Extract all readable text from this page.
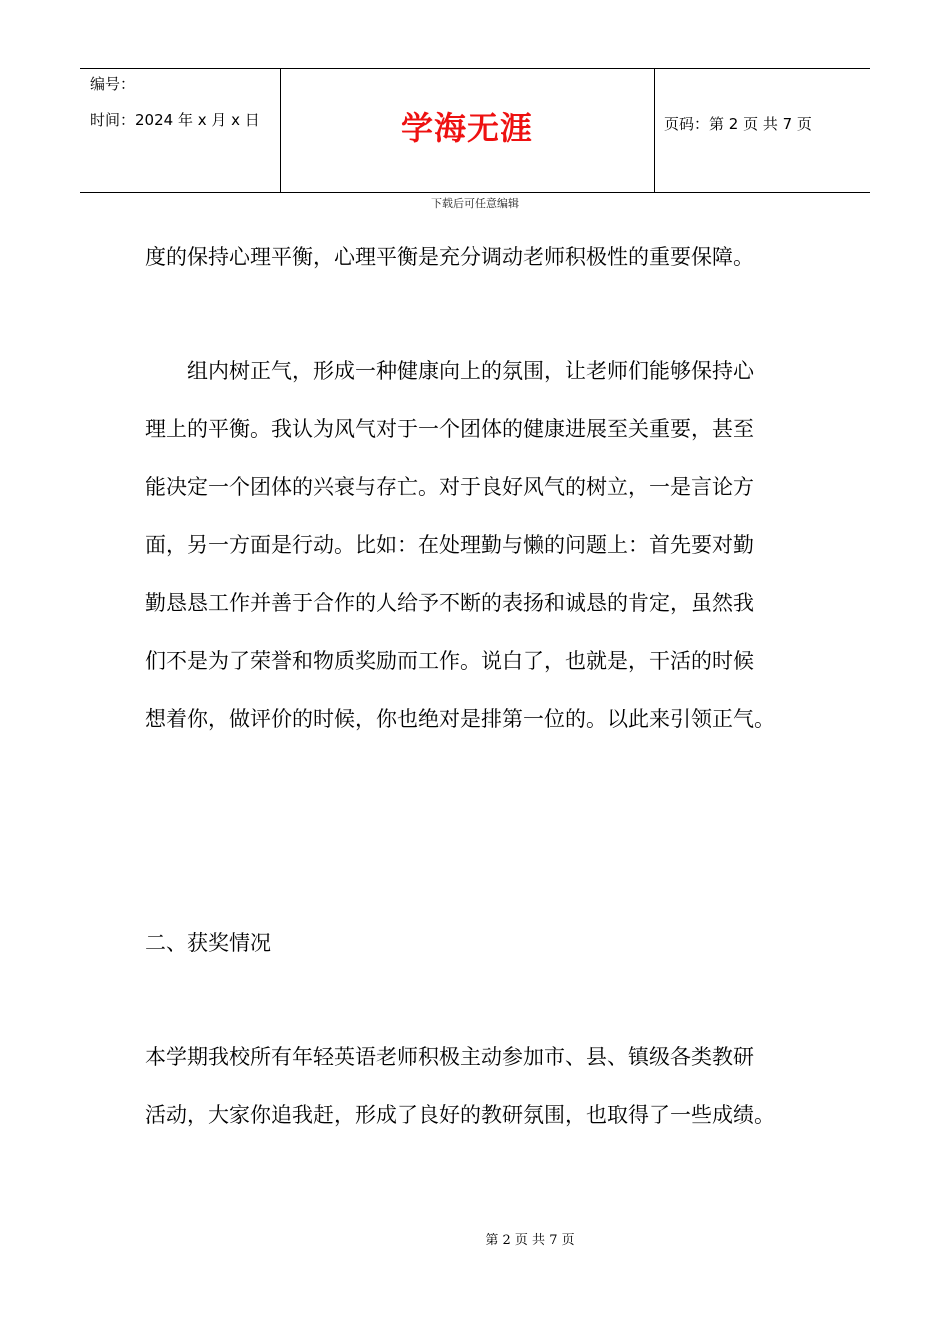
编号：
时间：2024 年 x 月 x 日	学海无涯	页码：第 2 页 共 7 页
下载后可任意编辑
度的保持心理平衡，心理平衡是充分调动老师积极性的重要保障。
　　组内树正气，形成一种健康向上的氛围，让老师们能够保持心
理上的平衡。我认为风气对于一个团体的健康进展至关重要，甚至
能决定一个团体的兴衰与存亡。对于良好风气的树立，一是言论方
面，另一方面是行动。比如：在处理勤与懒的问题上：首先要对勤
勤恳恳工作并善于合作的人给予不断的表扬和诚恳的肯定，虽然我
们不是为了荣誉和物质奖励而工作。说白了，也就是，干活的时候
想着你，做评价的时候，你也绝对是排第一位的。以此来引领正气。
二、获奖情况
本学期我校所有年轻英语老师积极主动参加市、县、镇级各类教研
活动，大家你追我赶，形成了良好的教研氛围，也取得了一些成绩。
第 2 页 共 7 页
